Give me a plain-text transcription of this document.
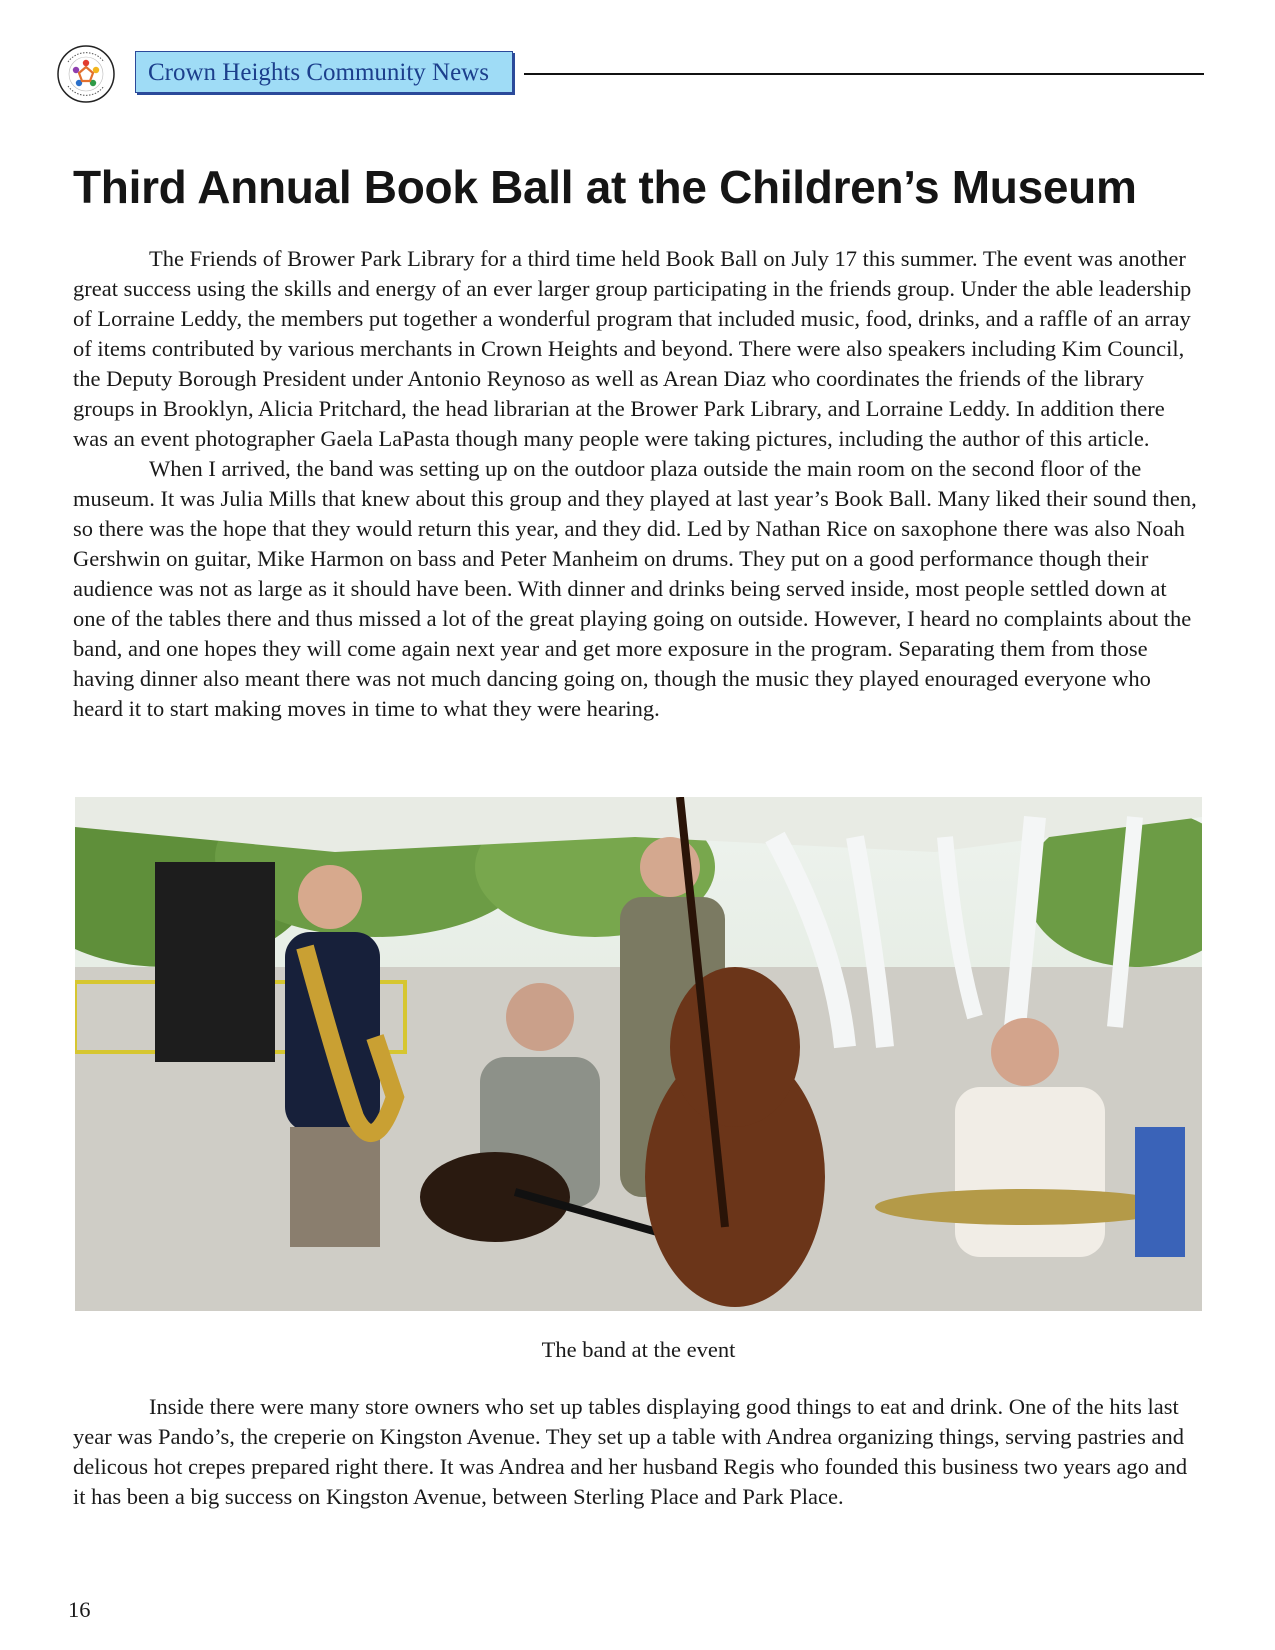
Crown Heights Community News
Third Annual Book Ball at the Children’s Museum

The Friends of Brower Park Library for a third time held Book Ball on July 17 this summer. The event was another great success using the skills and energy of an ever larger group participating in the friends group. Under the able leadership of Lorraine Leddy, the members put together a wonderful program that included music, food, drinks, and a raffle of an array of items contributed by various merchants in Crown Heights and beyond. There were also speakers including Kim Council, the Deputy Borough President under Antonio Reynoso as well as Arean Diaz who coordinates the friends of the library groups in Brooklyn, Alicia Pritchard, the head librarian at the Brower Park Library, and Lorraine Leddy. In addition there was an event photographer Gaela LaPasta though many people were taking pictures, including the author of this article.

When I arrived, the band was setting up on the outdoor plaza outside the main room on the second floor of the museum. It was Julia Mills that knew about this group and they played at last year’s Book Ball. Many liked their sound then, so there was the hope that they would return this year, and they did. Led by Nathan Rice on saxophone there was also Noah Gershwin on guitar, Mike Harmon on bass and Peter Manheim on drums. They put on a good performance though their audience was not as large as it should have been. With dinner and drinks being served inside, most people settled down at one of the tables there and thus missed a lot of the great playing going on outside. However, I heard no complaints about the band, and one hopes they will come again next year and get more exposure in the program. Separating them from those having dinner also meant there was not much dancing going on, though the music they played enouraged everyone who heard it to start making moves in time to what they were hearing.

The band at the event

Inside there were many store owners who set up tables displaying good things to eat and drink. One of the hits last year was Pando’s, the creperie on Kingston Avenue. They set up a table with Andrea organizing things, serving pastries and delicous hot crepes prepared right there. It was Andrea and her husband Regis who founded this business two years ago and it has been a big success on Kingston Avenue, between Sterling Place and Park Place.

16
